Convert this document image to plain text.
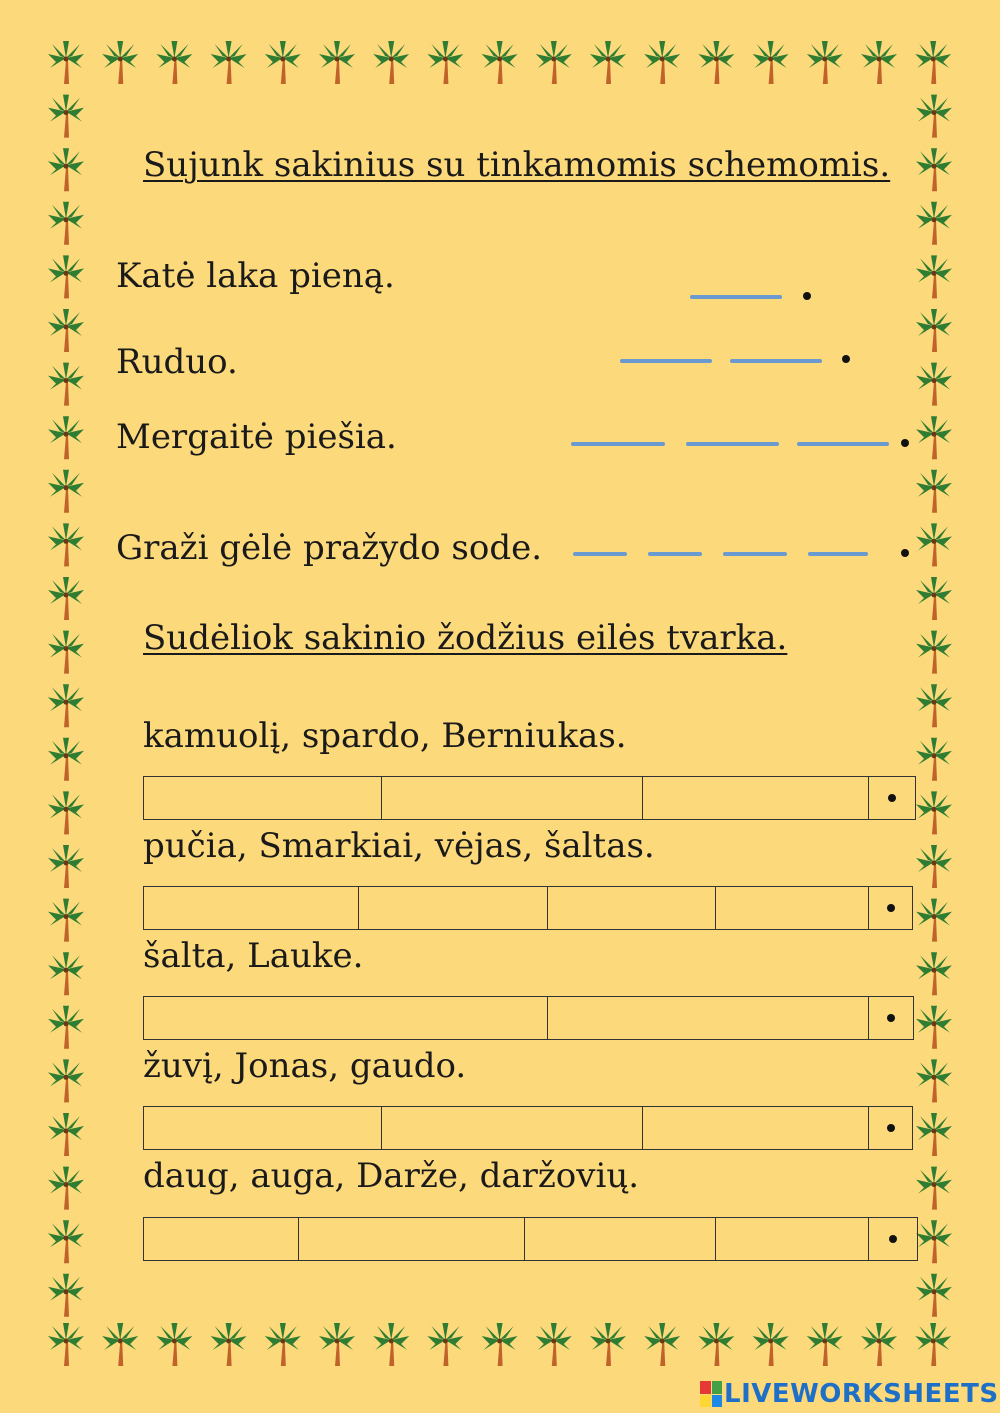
Sujunk sakinius su tinkamomis schemomis.
Katė laka pieną.
Ruduo.
Mergaitė piešia.
Graži gėlė pražydo sode.
Sudėliok sakinio žodžius eilės tvarka.
kamuolį, spardo, Berniukas.
pučia, Smarkiai, vėjas, šaltas.
šalta, Lauke.
žuvį, Jonas, gaudo.
daug, auga, Darže, daržovių.
LIVEWORKSHEETS
